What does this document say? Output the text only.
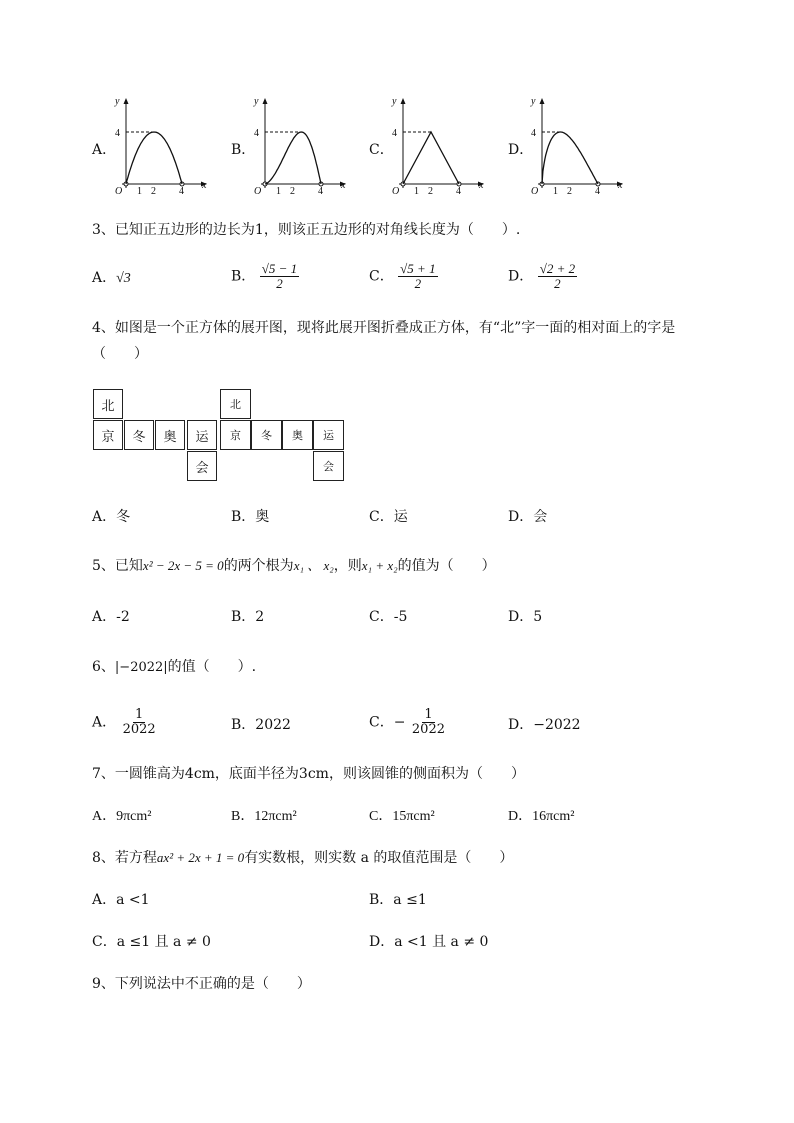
A．	B．	C．	D．
y
x
O
4
1 2 4
y
x
O
4
1 2 4
y
x
O
4
1 2 4
y
x
O
4
1 2 4
3、已知正五边形的边长为1，则该正五边形的对角线长度为（　　）.
A．√3	B． $\frac{√5 - 1}{2}$	C． $\frac{√5 + 1}{2}$	D． $\frac{√2 + 2}{2}$
4、如图是一个正方体的展开图，现将此展开图折叠成正方体，有“北”字一面的相对面上的字是
（　　）
北
京	冬	奥	运
会
北
京	冬	奥	运
会
A．冬	B．奥	C．运	D．会
5、已知x² − 2x − 5 = 0的两个根为x₁ 、 x₂，则x₁ + x₂的值为（　　）
A．-2	B．2	C．-5	D．5
6、|−2022|的值（　　）.
A． $\frac{1}{2022}$	B．2022	C．− $\frac{1}{2022}$	D．−2022
7、一圆锥高为4cm，底面半径为3cm，则该圆锥的侧面积为（　　）
A．9πcm²	B．12πcm²	C．15πcm²	D．16πcm²
8、若方程ax² + 2x + 1 = 0有实数根，则实数 a 的取值范围是（　　）
A．a <1	B．a ≤1
C．a ≤1 且 a ≠ 0	D．a <1 且 a ≠ 0
9、下列说法中不正确的是（　　）
